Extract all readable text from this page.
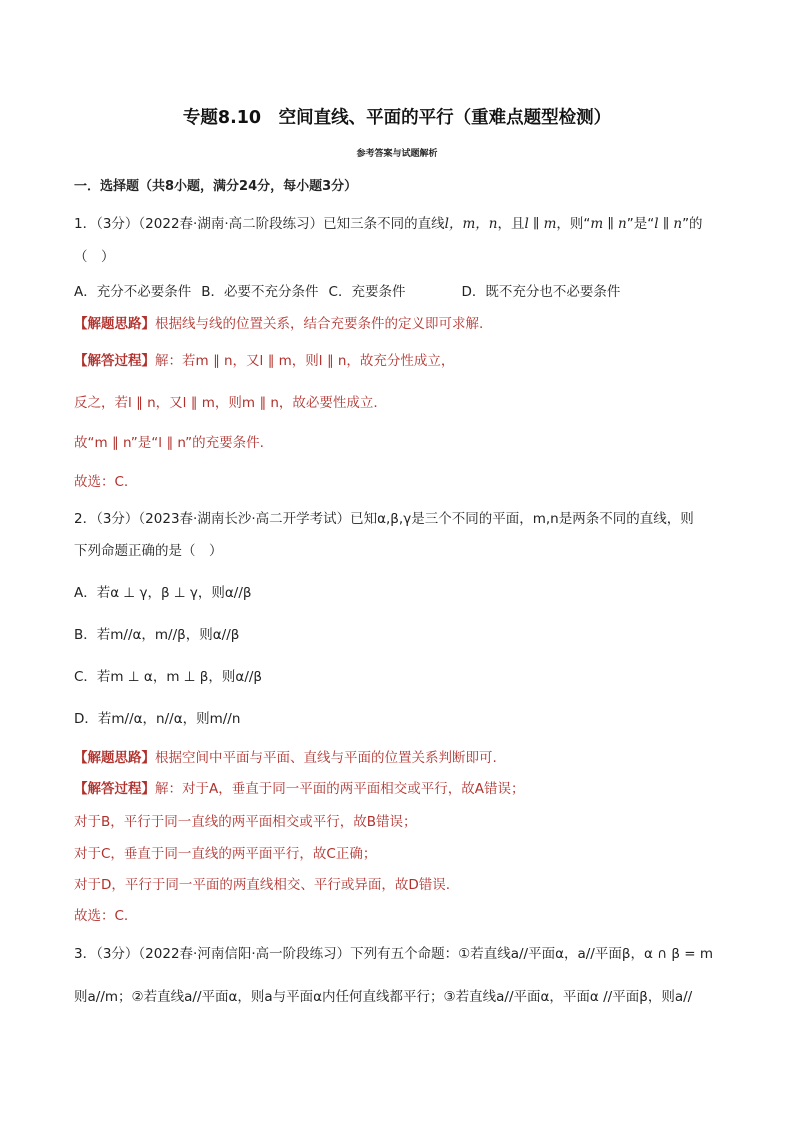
专题8.10　空间直线、平面的平行（重难点题型检测）
参考答案与试题解析
一．选择题（共8小题，满分24分，每小题3分）
1．（3分）（2022春·湖南·高二阶段练习）已知三条不同的直线l，m，n，且l ∥ m，则“m ∥ n”是“l ∥ n”的
（　）
A．充分不必要条件 B．必要不充分条件 C．充要条件	D．既不充分也不必要条件
【解题思路】根据线与线的位置关系，结合充要条件的定义即可求解.
【解答过程】解：若m ∥ n，又l ∥ m，则l ∥ n，故充分性成立，
反之，若l ∥ n，又l ∥ m，则m ∥ n，故必要性成立.
故“m ∥ n”是“l ∥ n”的充要条件.
故选：C.
2．（3分）（2023春·湖南长沙·高二开学考试）已知α,β,γ是三个不同的平面，m,n是两条不同的直线，则
下列命题正确的是（　）
A．若α ⊥ γ，β ⊥ γ，则α//β
B．若m//α，m//β，则α//β
C．若m ⊥ α，m ⊥ β，则α//β
D．若m//α，n//α，则m//n
【解题思路】根据空间中平面与平面、直线与平面的位置关系判断即可.
【解答过程】解：对于A，垂直于同一平面的两平面相交或平行，故A错误；
对于B，平行于同一直线的两平面相交或平行，故B错误；
对于C，垂直于同一直线的两平面平行，故C正确；
对于D，平行于同一平面的两直线相交、平行或异面，故D错误.
故选：C.
3．（3分）（2022春·河南信阳·高一阶段练习）下列有五个命题：①若直线a//平面α，a//平面β，α ∩ β = m
则a//m；②若直线a//平面α，则a与平面α内任何直线都平行；③若直线a//平面α，平面α //平面β，则a//
